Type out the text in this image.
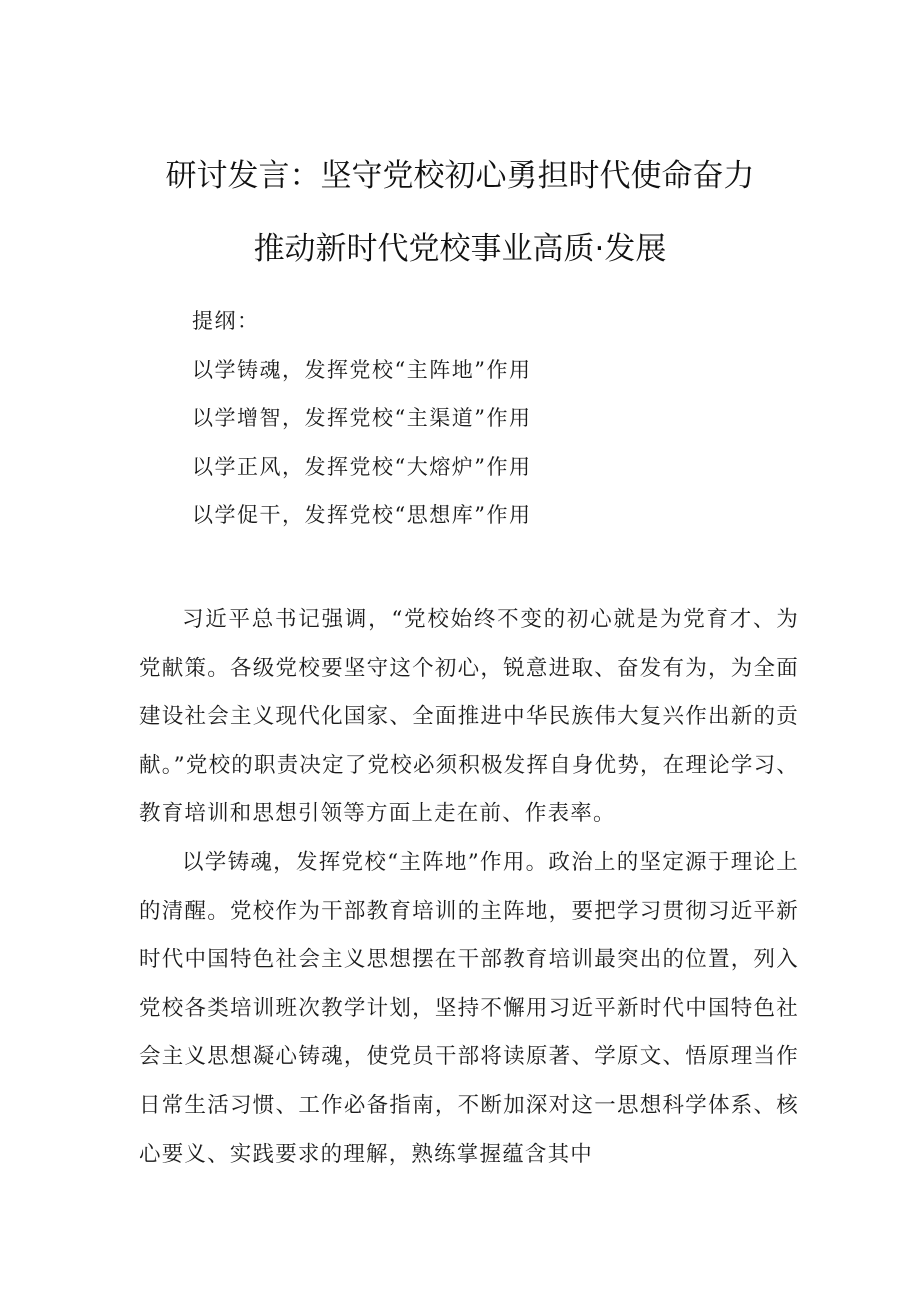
研讨发言：坚守党校初心勇担时代使命奋力
推动新时代党校事业高质·发展
提纲：
以学铸魂，发挥党校“主阵地”作用
以学增智，发挥党校“主渠道”作用
以学正风，发挥党校“大熔炉”作用
以学促干，发挥党校“思想库”作用

习近平总书记强调，“党校始终不变的初心就是为党育才、为党献策。各级党校要坚守这个初心，锐意进取、奋发有为，为全面建设社会主义现代化国家、全面推进中华民族伟大复兴作出新的贡献。”党校的职责决定了党校必须积极发挥自身优势，在理论学习、教育培训和思想引领等方面上走在前、作表率。

以学铸魂，发挥党校“主阵地”作用。政治上的坚定源于理论上的清醒。党校作为干部教育培训的主阵地，要把学习贯彻习近平新时代中国特色社会主义思想摆在干部教育培训最突出的位置，列入党校各类培训班次教学计划，坚持不懈用习近平新时代中国特色社会主义思想凝心铸魂，使党员干部将读原著、学原文、悟原理当作日常生活习惯、工作必备指南，不断加深对这一思想科学体系、核心要义、实践要求的理解，熟练掌握蕴含其中
